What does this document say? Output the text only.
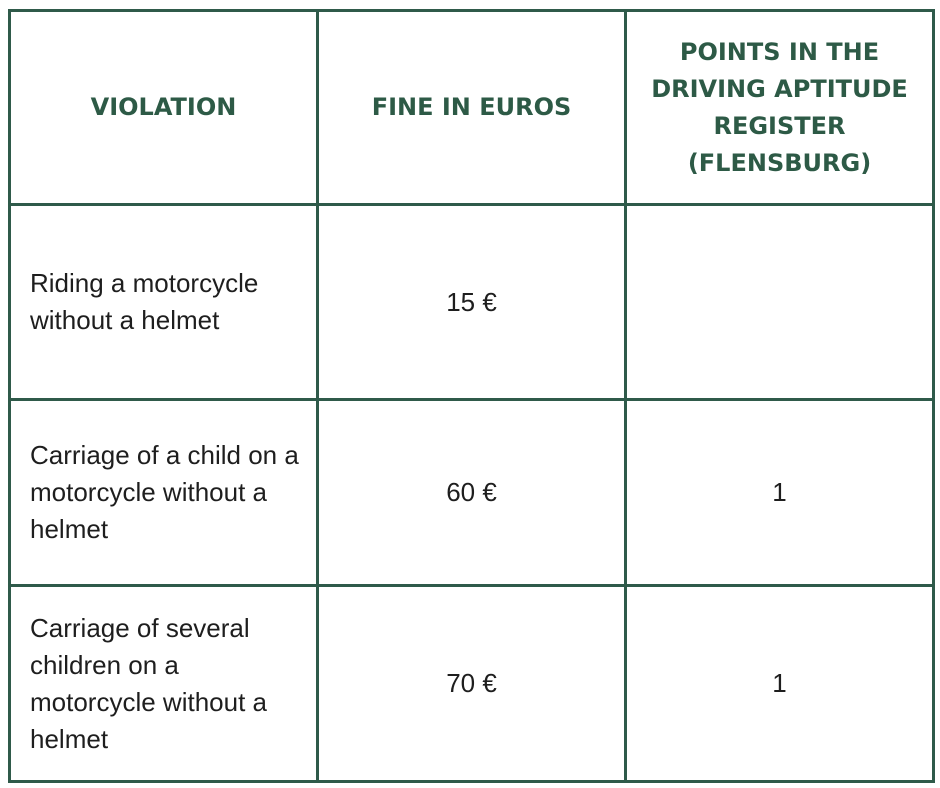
VIOLATION	FINE IN EUROS	POINTS IN THE DRIVING APTITUDE REGISTER (FLENSBURG)

Riding a motorcycle without a helmet	15 €	

Carriage of a child on a motorcycle without a helmet	60 €	1

Carriage of several children on a motorcycle without a helmet	70 €	1
